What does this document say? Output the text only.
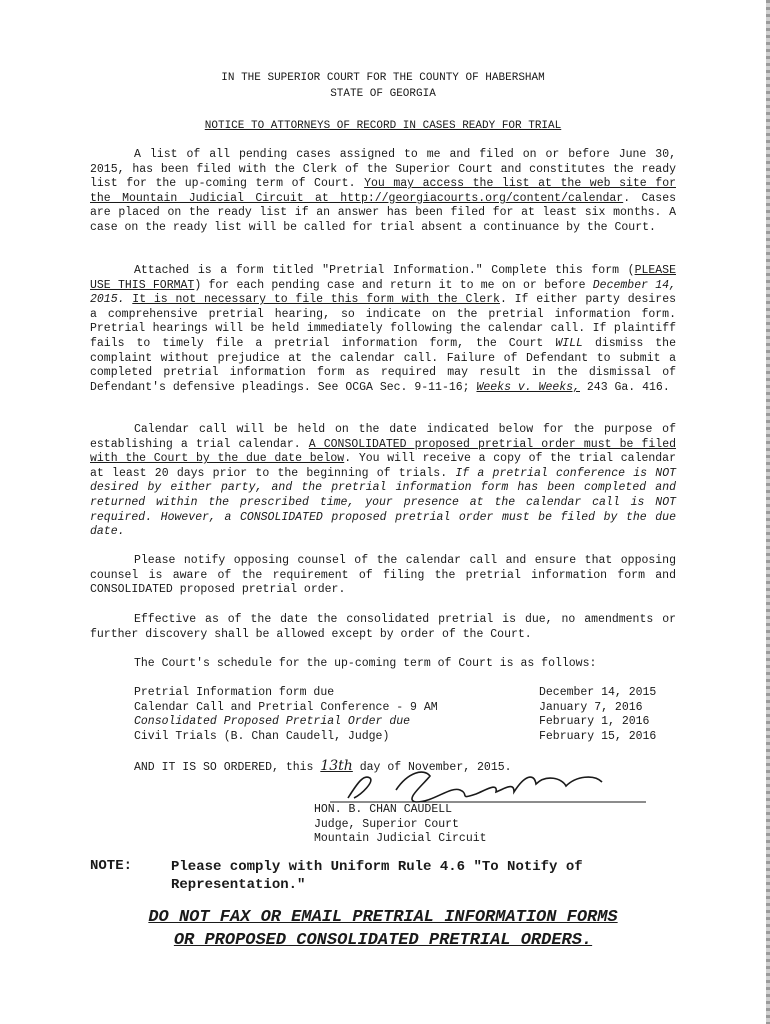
IN THE SUPERIOR COURT FOR THE COUNTY OF HABERSHAM
STATE OF GEORGIA
NOTICE TO ATTORNEYS OF RECORD IN CASES READY FOR TRIAL
A list of all pending cases assigned to me and filed on or before June 30, 2015, has been filed with the Clerk of the Superior Court and constitutes the ready list for the up-coming term of Court. You may access the list at the web site for the Mountain Judicial Circuit at http://georgiacourts.org/content/calendar. Cases are placed on the ready list if an answer has been filed for at least six months. A case on the ready list will be called for trial absent a continuance by the Court.
Attached is a form titled "Pretrial Information." Complete this form (PLEASE USE THIS FORMAT) for each pending case and return it to me on or before December 14, 2015. It is not necessary to file this form with the Clerk. If either party desires a comprehensive pretrial hearing, so indicate on the pretrial information form. Pretrial hearings will be held immediately following the calendar call. If plaintiff fails to timely file a pretrial information form, the Court WILL dismiss the complaint without prejudice at the calendar call. Failure of Defendant to submit a completed pretrial information form as required may result in the dismissal of Defendant's defensive pleadings. See OCGA Sec. 9-11-16; Weeks v. Weeks, 243 Ga. 416.
Calendar call will be held on the date indicated below for the purpose of establishing a trial calendar. A CONSOLIDATED proposed pretrial order must be filed with the Court by the due date below. You will receive a copy of the trial calendar at least 20 days prior to the beginning of trials. If a pretrial conference is NOT desired by either party, and the pretrial information form has been completed and returned within the prescribed time, your presence at the calendar call is NOT required. However, a CONSOLIDATED proposed pretrial order must be filed by the due date.
Please notify opposing counsel of the calendar call and ensure that opposing counsel is aware of the requirement of filing the pretrial information form and CONSOLIDATED proposed pretrial order.
Effective as of the date the consolidated pretrial is due, no amendments or further discovery shall be allowed except by order of the Court.
The Court's schedule for the up-coming term of Court is as follows:
Pretrial Information form due
Calendar Call and Pretrial Conference - 9 AM
Consolidated Proposed Pretrial Order due
Civil Trials (B. Chan Caudell, Judge)
December 14, 2015
January 7, 2016
February 1, 2016
February 15, 2016
AND IT IS SO ORDERED, this 13th day of November, 2015.
HON. B. CHAN CAUDELL
Judge, Superior Court
Mountain Judicial Circuit
NOTE:	Please comply with Uniform Rule 4.6 "To Notify of Representation."
DO NOT FAX OR EMAIL PRETRIAL INFORMATION FORMS
OR PROPOSED CONSOLIDATED PRETRIAL ORDERS.
